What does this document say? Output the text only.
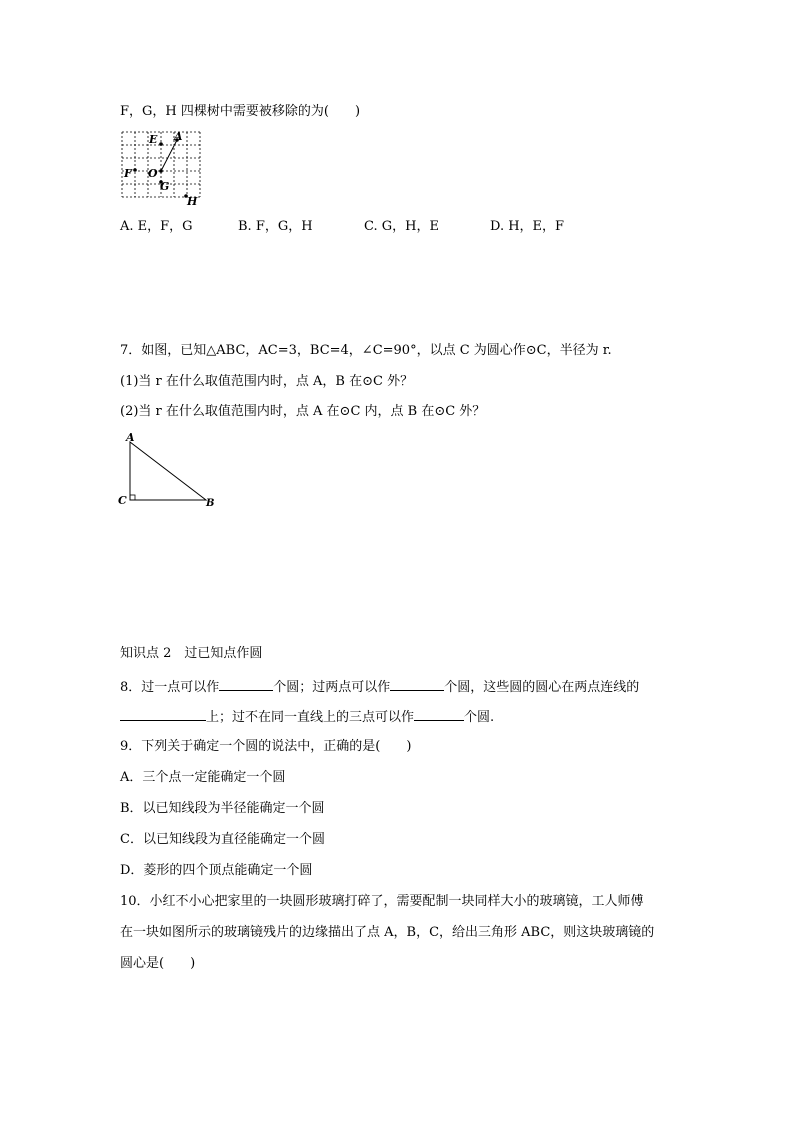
F，G，H 四棵树中需要被移除的为(　　)
E A
F O
G
H
A. E，F，G	B. F，G，H	C. G，H，E	D. H，E，F
7．如图，已知△ABC，AC=3，BC=4，∠C=90°，以点 C 为圆心作⊙C，半径为 r.
(1)当 r 在什么取值范围内时，点 A，B 在⊙C 外？
(2)当 r 在什么取值范围内时，点 A 在⊙C 内，点 B 在⊙C 外？
A
C	B
知识点 2　过已知点作圆
8．过一点可以作	个圆；过两点可以作	个圆，这些圆的圆心在两点连线的
上；过不在同一直线上的三点可以作	个圆.
9．下列关于确定一个圆的说法中，正确的是(　　)
A．三个点一定能确定一个圆
B．以已知线段为半径能确定一个圆
C．以已知线段为直径能确定一个圆
D．菱形的四个顶点能确定一个圆
10．小红不小心把家里的一块圆形玻璃打碎了，需要配制一块同样大小的玻璃镜，工人师傅
在一块如图所示的玻璃镜残片的边缘描出了点 A，B，C，给出三角形 ABC，则这块玻璃镜的
圆心是(　　)
